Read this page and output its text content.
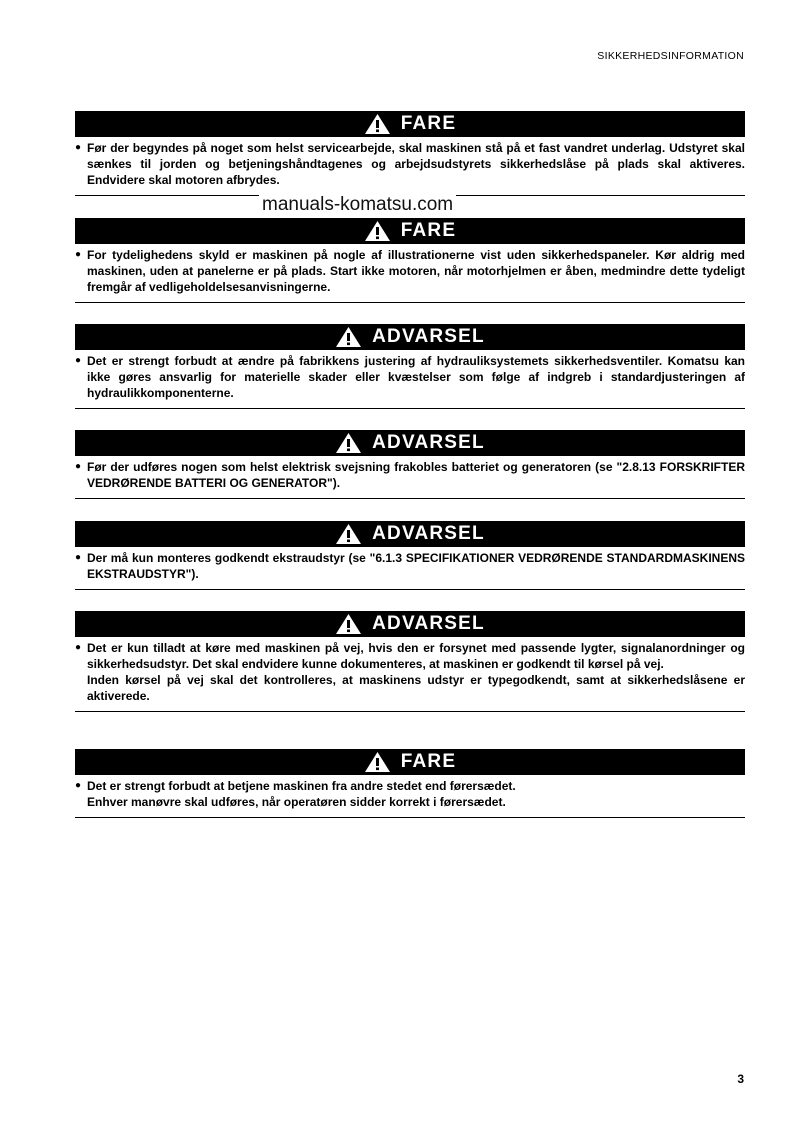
SIKKERHEDSINFORMATION
manuals-komatsu.com
FARE
● Før der begyndes på noget som helst servicearbejde, skal maskinen stå på et fast vandret underlag. Udstyret skal sænkes til jorden og betjeningshåndtagenes og arbejdsudstyrets sikkerhedslåse på plads skal aktiveres. Endvidere skal motoren afbrydes.

FARE
● For tydelighedens skyld er maskinen på nogle af illustrationerne vist uden sikkerhedspaneler. Kør aldrig med maskinen, uden at panelerne er på plads. Start ikke motoren, når motorhjelmen er åben, medmindre dette tydeligt fremgår af vedligeholdelsesanvisningerne.

ADVARSEL
● Det er strengt forbudt at ændre på fabrikkens justering af hydrauliksystemets sikkerhedsventiler. Komatsu kan ikke gøres ansvarlig for materielle skader eller kvæstelser som følge af indgreb i standardjusteringen af hydraulikkomponenterne.

ADVARSEL
● Før der udføres nogen som helst elektrisk svejsning frakobles batteriet og generatoren (se "2.8.13 FORSKRIFTER VEDRØRENDE BATTERI OG GENERATOR").

ADVARSEL
● Der må kun monteres godkendt ekstraudstyr (se "6.1.3 SPECIFIKATIONER VEDRØRENDE STANDARDMASKINENS EKSTRAUDSTYR").

ADVARSEL
● Det er kun tilladt at køre med maskinen på vej, hvis den er forsynet med passende lygter, signalanordninger og sikkerhedsudstyr. Det skal endvidere kunne dokumenteres, at maskinen er godkendt til kørsel på vej.

Inden kørsel på vej skal det kontrolleres, at maskinens udstyr er typegodkendt, samt at sikkerhedslåsene er aktiverede.

FARE
● Det er strengt forbudt at betjene maskinen fra andre stedet end førersædet.

Enhver manøvre skal udføres, når operatøren sidder korrekt i førersædet.

3
